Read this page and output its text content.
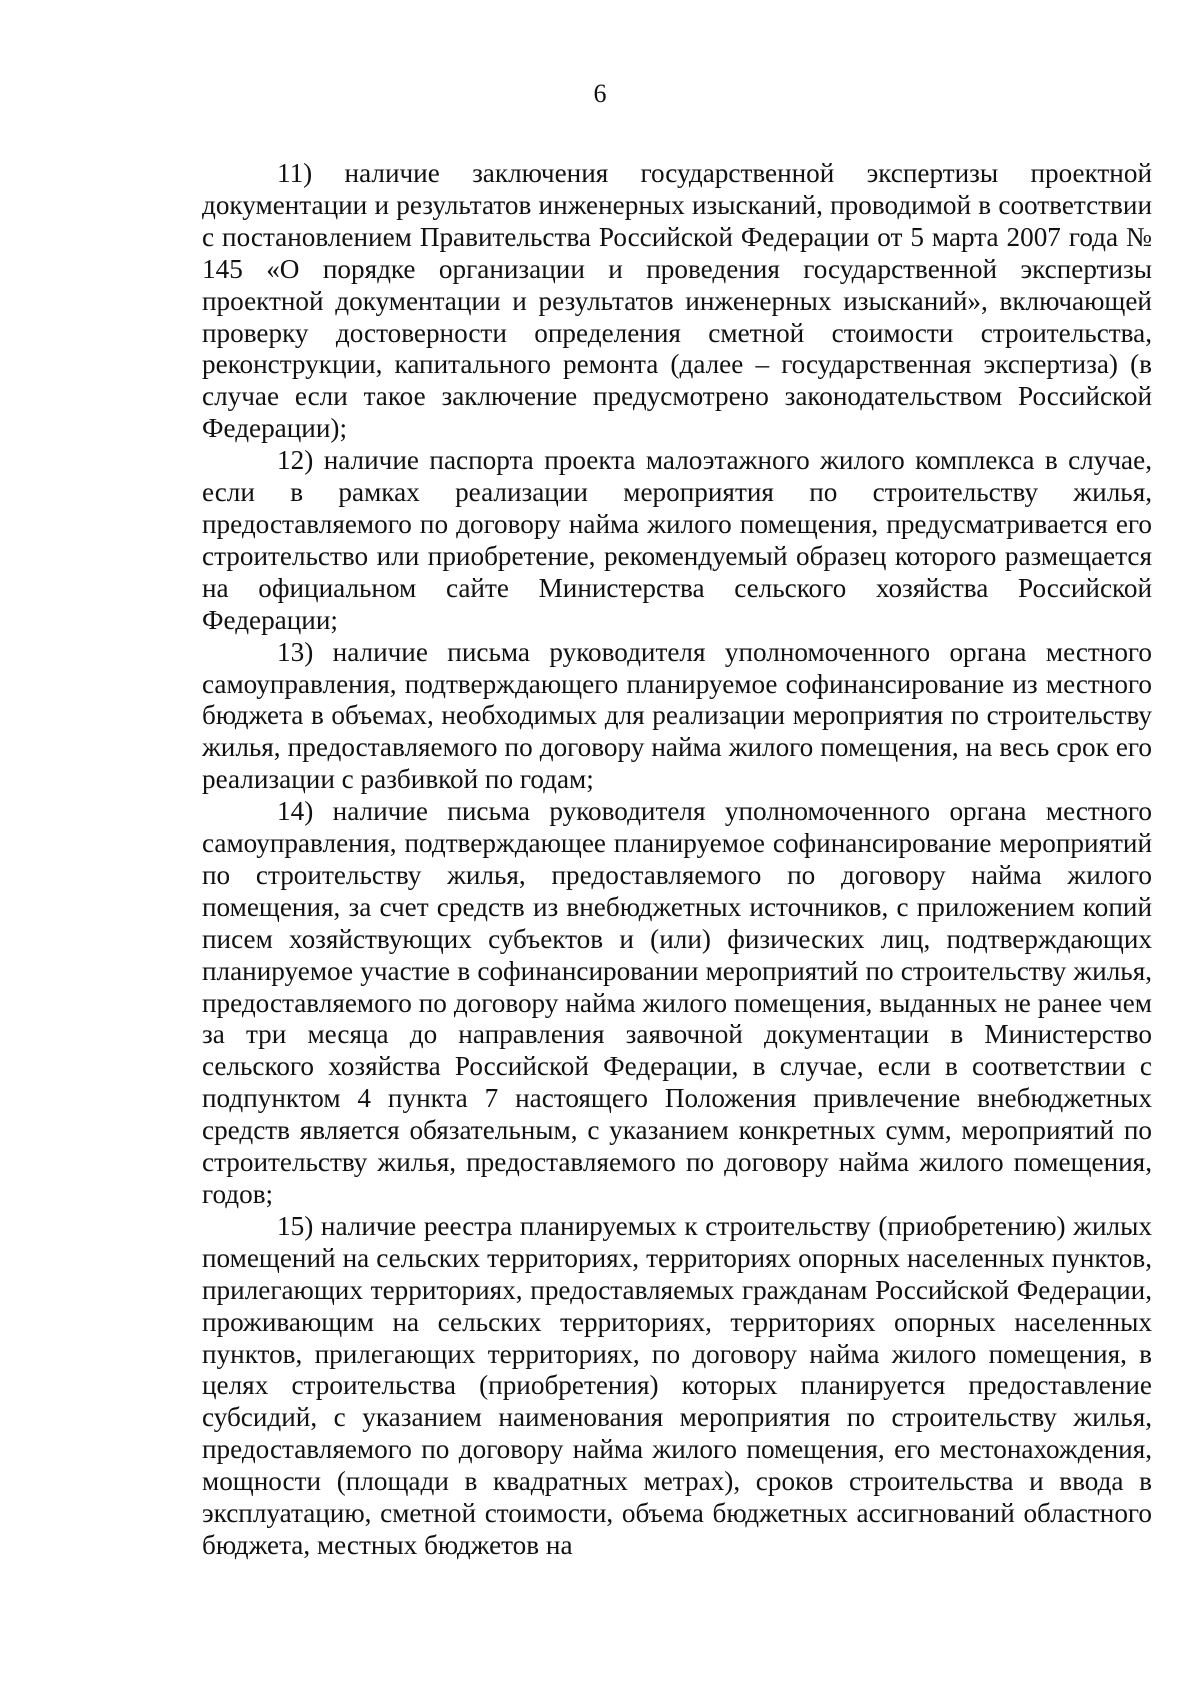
6

11) наличие заключения государственной экспертизы проектной документации и результатов инженерных изысканий, проводимой в соответствии с постановлением Правительства Российской Федерации от 5 марта 2007 года № 145 «О порядке организации и проведения государственной экспертизы проектной документации и результатов инженерных изысканий», включающей проверку достоверности определения сметной стоимости строительства, реконструкции, капитального ремонта (далее – государственная экспертиза) (в случае если такое заключение предусмотрено законодательством Российской Федерации);

12) наличие паспорта проекта малоэтажного жилого комплекса в случае, если в рамках реализации мероприятия по строительству жилья, предоставляемого по договору найма жилого помещения, предусматривается его строительство или приобретение, рекомендуемый образец которого размещается на официальном сайте Министерства сельского хозяйства Российской Федерации;

13) наличие письма руководителя уполномоченного органа местного самоуправления, подтверждающего планируемое софинансирование из местного бюджета в объемах, необходимых для реализации мероприятия по строительству жилья, предоставляемого по договору найма жилого помещения, на весь срок его реализации с разбивкой по годам;

14) наличие письма руководителя уполномоченного органа местного самоуправления, подтверждающее планируемое софинансирование мероприятий по строительству жилья, предоставляемого по договору найма жилого помещения, за счет средств из внебюджетных источников, с приложением копий писем хозяйствующих субъектов и (или) физических лиц, подтверждающих планируемое участие в софинансировании мероприятий по строительству жилья, предоставляемого по договору найма жилого помещения, выданных не ранее чем за три месяца до направления заявочной документации в Министерство сельского хозяйства Российской Федерации, в случае, если в соответствии с подпунктом 4 пункта 7 настоящего Положения привлечение внебюджетных средств является обязательным, с указанием конкретных сумм, мероприятий по строительству жилья, предоставляемого по договору найма жилого помещения, годов;

15) наличие реестра планируемых к строительству (приобретению) жилых помещений на сельских территориях, территориях опорных населенных пунктов, прилегающих территориях, предоставляемых гражданам Российской Федерации, проживающим на сельских территориях, территориях опорных населенных пунктов, прилегающих территориях, по договору найма жилого помещения, в целях строительства (приобретения) которых планируется предоставление субсидий, с указанием наименования мероприятия по строительству жилья, предоставляемого по договору найма жилого помещения, его местонахождения, мощности (площади в квадратных метрах), сроков строительства и ввода в эксплуатацию, сметной стоимости, объема бюджетных ассигнований областного бюджета, местных бюджетов на
